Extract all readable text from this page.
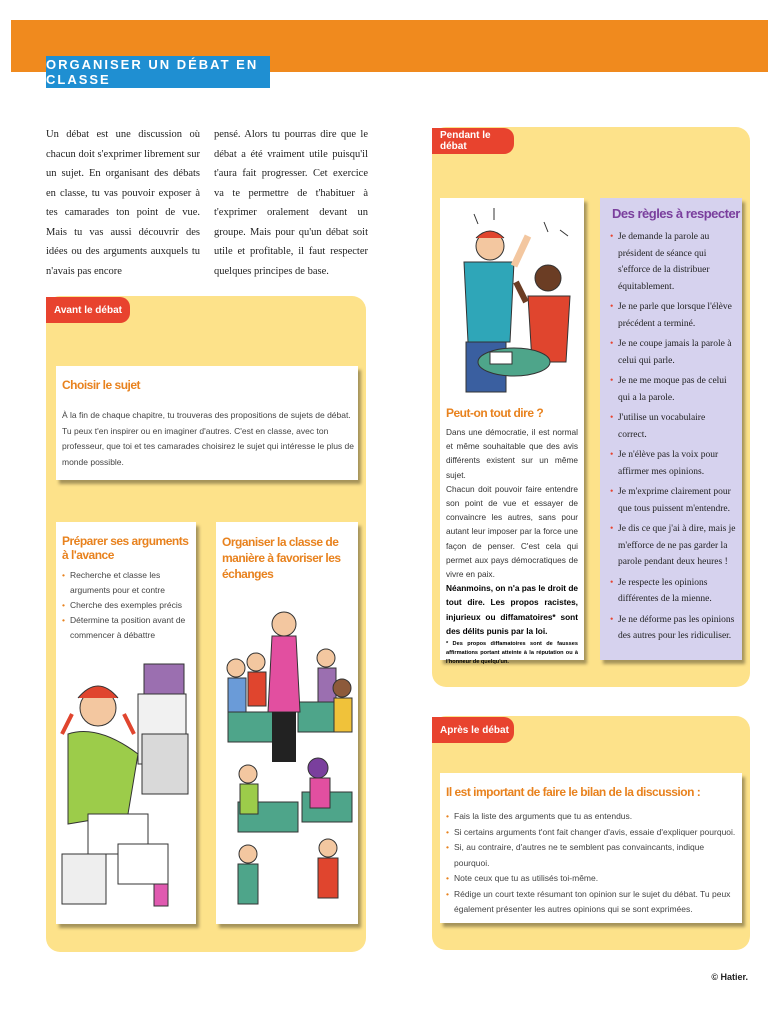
ORGANISER UN DÉBAT EN CLASSE
Un débat est une discussion où chacun doit s'exprimer librement sur un sujet. En organisant des débats en classe, tu vas pouvoir exposer à tes camarades ton point de vue. Mais tu vas aussi découvrir des idées ou des arguments auxquels tu n'avais pas encore
pensé. Alors tu pourras dire que le débat a été vraiment utile puisqu'il t'aura fait progresser. Cet exercice va te permettre de t'habituer à t'exprimer oralement devant un groupe. Mais pour qu'un débat soit utile et profitable, il faut respecter quelques principes de base.
Avant le débat
Choisir le sujet
À la fin de chaque chapitre, tu trouveras des propositions de sujets de débat. Tu peux t'en inspirer ou en imaginer d'autres. C'est en classe, avec ton professeur, que toi et tes camarades choisirez le sujet qui intéresse le plus de monde possible.
Préparer ses arguments à l'avance
• Recherche et classe les arguments pour et contre
• Cherche des exemples précis
• Détermine ta position avant de commencer à débattre
Organiser la classe de manière à favoriser les échanges
Pendant le débat
Peut-on tout dire ?
Dans une démocratie, il est normal et même souhaitable que des avis différents existent sur un même sujet.
Chacun doit pouvoir faire entendre son point de vue et essayer de convaincre les autres, sans pour autant leur imposer par la force une façon de penser. C'est cela qui permet aux pays démocratiques de vivre en paix.
Néanmoins, on n'a pas le droit de tout dire. Les propos racistes, injurieux ou diffamatoires* sont des délits punis par la loi.
* Des propos diffamatoires sont de fausses affirmations portant atteinte à la réputation ou à l'honneur de quelqu'un.
Des règles à respecter
• Je demande la parole au président de séance qui s'efforce de la distribuer équitablement.
• Je ne parle que lorsque l'élève précédent a terminé.
• Je ne coupe jamais la parole à celui qui parle.
• Je ne me moque pas de celui qui a la parole.
• J'utilise un vocabulaire correct.
• Je n'élève pas la voix pour affirmer mes opinions.
• Je m'exprime clairement pour que tous puissent m'entendre.
• Je dis ce que j'ai à dire, mais je m'efforce de ne pas garder la parole pendant deux heures !
• Je respecte les opinions différentes de la mienne.
• Je ne déforme pas les opinions des autres pour les ridiculiser.
Après le débat
Il est important de faire le bilan de la discussion :
• Fais la liste des arguments que tu as entendus.
• Si certains arguments t'ont fait changer d'avis, essaie d'expliquer pourquoi.
• Si, au contraire, d'autres ne te semblent pas convaincants, indique pourquoi.
• Note ceux que tu as utilisés toi-même.
• Rédige un court texte résumant ton opinion sur le sujet du débat. Tu peux également présenter les autres opinions qui se sont exprimées.
© Hatier.
